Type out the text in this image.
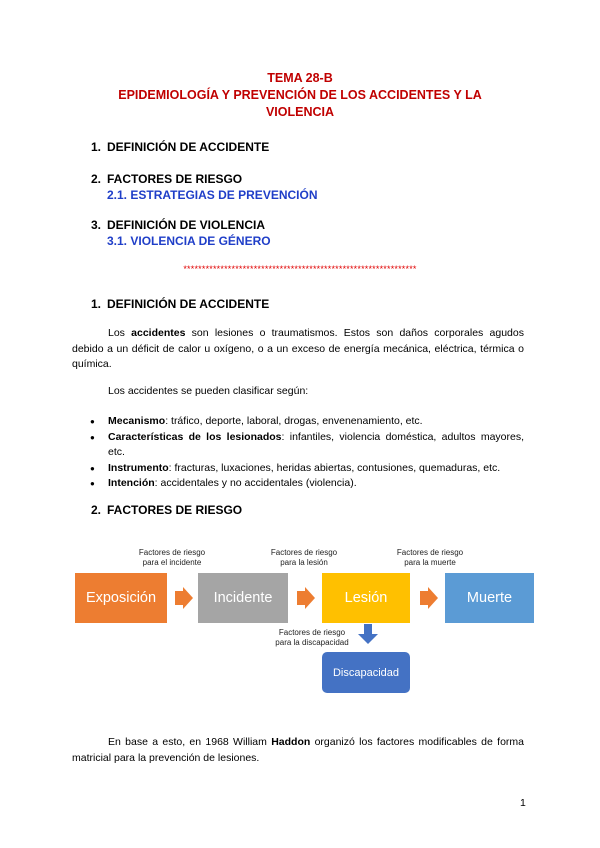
TEMA 28-B
EPIDEMIOLOGÍA Y PREVENCIÓN DE LOS ACCIDENTES Y LA
VIOLENCIA
1. DEFINICIÓN DE ACCIDENTE
2. FACTORES DE RIESGO
2.1. ESTRATEGIAS DE PREVENCIÓN
3. DEFINICIÓN DE VIOLENCIA
3.1. VIOLENCIA DE GÉNERO
***************************************************************
1. DEFINICIÓN DE ACCIDENTE
Los accidentes son lesiones o traumatismos. Estos son daños corporales agudos debido a un déficit de calor u oxígeno, o a un exceso de energía mecánica, eléctrica, térmica o química.
Los accidentes se pueden clasificar según:
● Mecanismo: tráfico, deporte, laboral, drogas, envenenamiento, etc.
● Características de los lesionados: infantiles, violencia doméstica, adultos mayores, etc.
● Instrumento: fracturas, luxaciones, heridas abiertas, contusiones, quemaduras, etc.
● Intención: accidentales y no accidentales (violencia).
2. FACTORES DE RIESGO
Factores de riesgo
para el incidente
Factores de riesgo
para la lesión
Factores de riesgo
para la muerte
Exposición	Incidente	Lesión	Muerte
Factores de riesgo
para la discapacidad
Discapacidad
En base a esto, en 1968 William Haddon organizó los factores modificables de forma matricial para la prevención de lesiones.
1
